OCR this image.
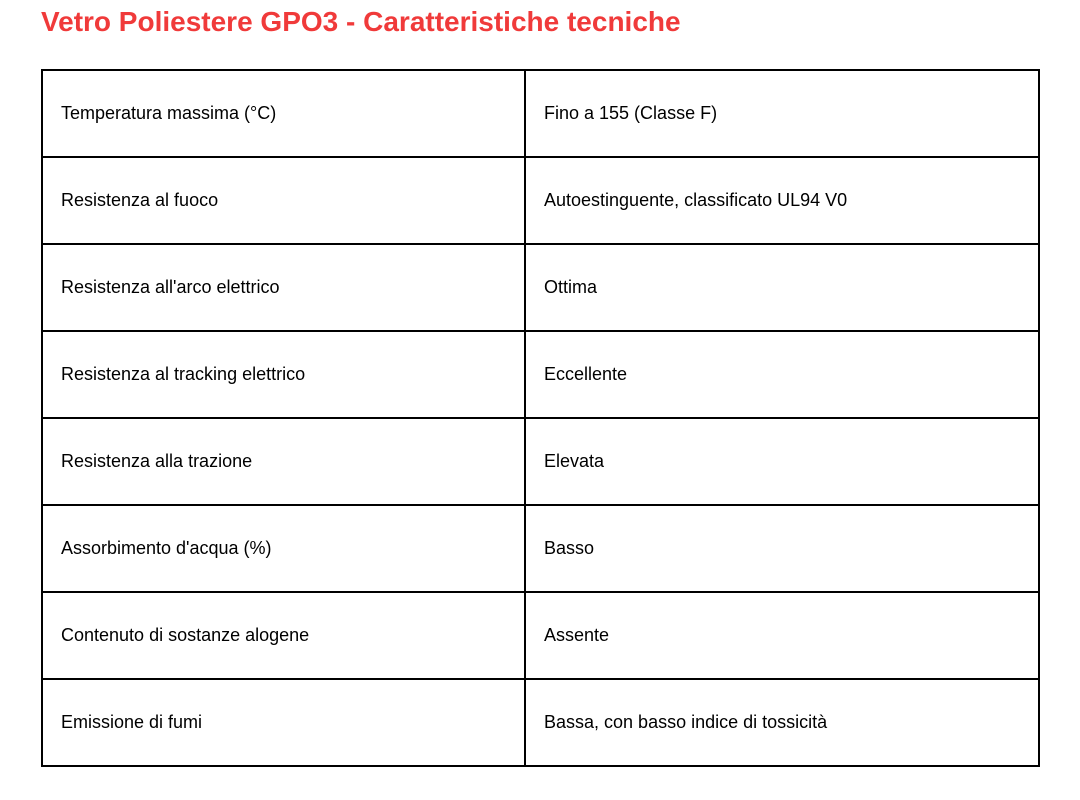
Vetro Poliestere GPO3 - Caratteristiche tecniche
Temperatura massima (°C)	Fino a 155 (Classe F)
Resistenza al fuoco	Autoestinguente, classificato UL94 V0
Resistenza all'arco elettrico	Ottima
Resistenza al tracking elettrico	Eccellente
Resistenza alla trazione	Elevata
Assorbimento d'acqua (%)	Basso
Contenuto di sostanze alogene	Assente
Emissione di fumi	Bassa, con basso indice di tossicità
